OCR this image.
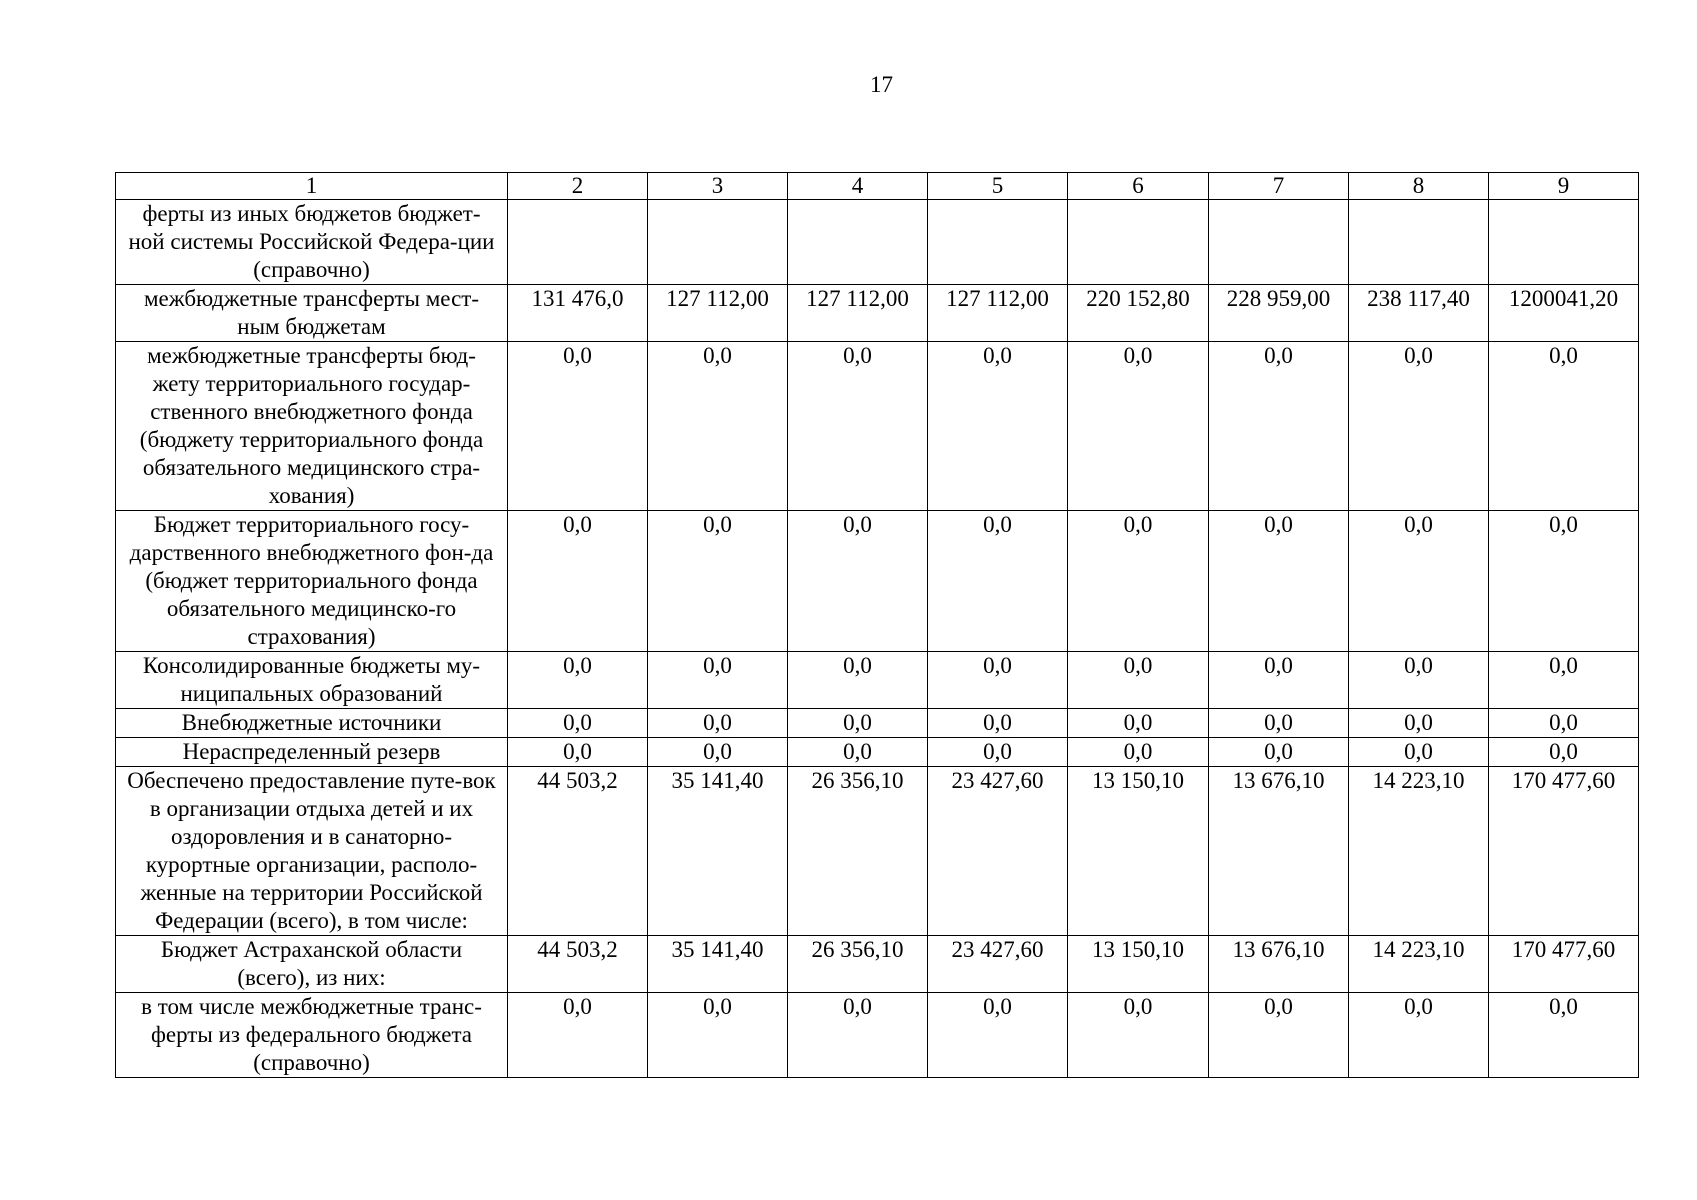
17
1	2	3	4	5	6	7	8	9
ферты из иных бюджетов бюджет-ной системы Российской Федера-ции (справочно)								
межбюджетные трансферты мест-ным бюджетам	131 476,0	127 112,00	127 112,00	127 112,00	220 152,80	228 959,00	238 117,40	1200041,20
межбюджетные трансферты бюд-жету территориального государ-ственного внебюджетного фонда (бюджету территориального фонда обязательного медицинского стра-хования)	0,0	0,0	0,0	0,0	0,0	0,0	0,0	0,0
Бюджет территориального госу-дарственного внебюджетного фон-да (бюджет территориального фонда обязательного медицинско-го страхования)	0,0	0,0	0,0	0,0	0,0	0,0	0,0	0,0
Консолидированные бюджеты му-ниципальных образований	0,0	0,0	0,0	0,0	0,0	0,0	0,0	0,0
Внебюджетные источники	0,0	0,0	0,0	0,0	0,0	0,0	0,0	0,0
Нераспределенный резерв	0,0	0,0	0,0	0,0	0,0	0,0	0,0	0,0
Обеспечено предоставление путе-вок в организации отдыха детей и их оздоровления и в санаторно-курортные организации, располо-женные на территории Российской Федерации (всего), в том числе:	44 503,2	35 141,40	26 356,10	23 427,60	13 150,10	13 676,10	14 223,10	170 477,60
Бюджет Астраханской области (всего), из них:	44 503,2	35 141,40	26 356,10	23 427,60	13 150,10	13 676,10	14 223,10	170 477,60
в том числе межбюджетные транс-ферты из федерального бюджета (справочно)	0,0	0,0	0,0	0,0	0,0	0,0	0,0	0,0
